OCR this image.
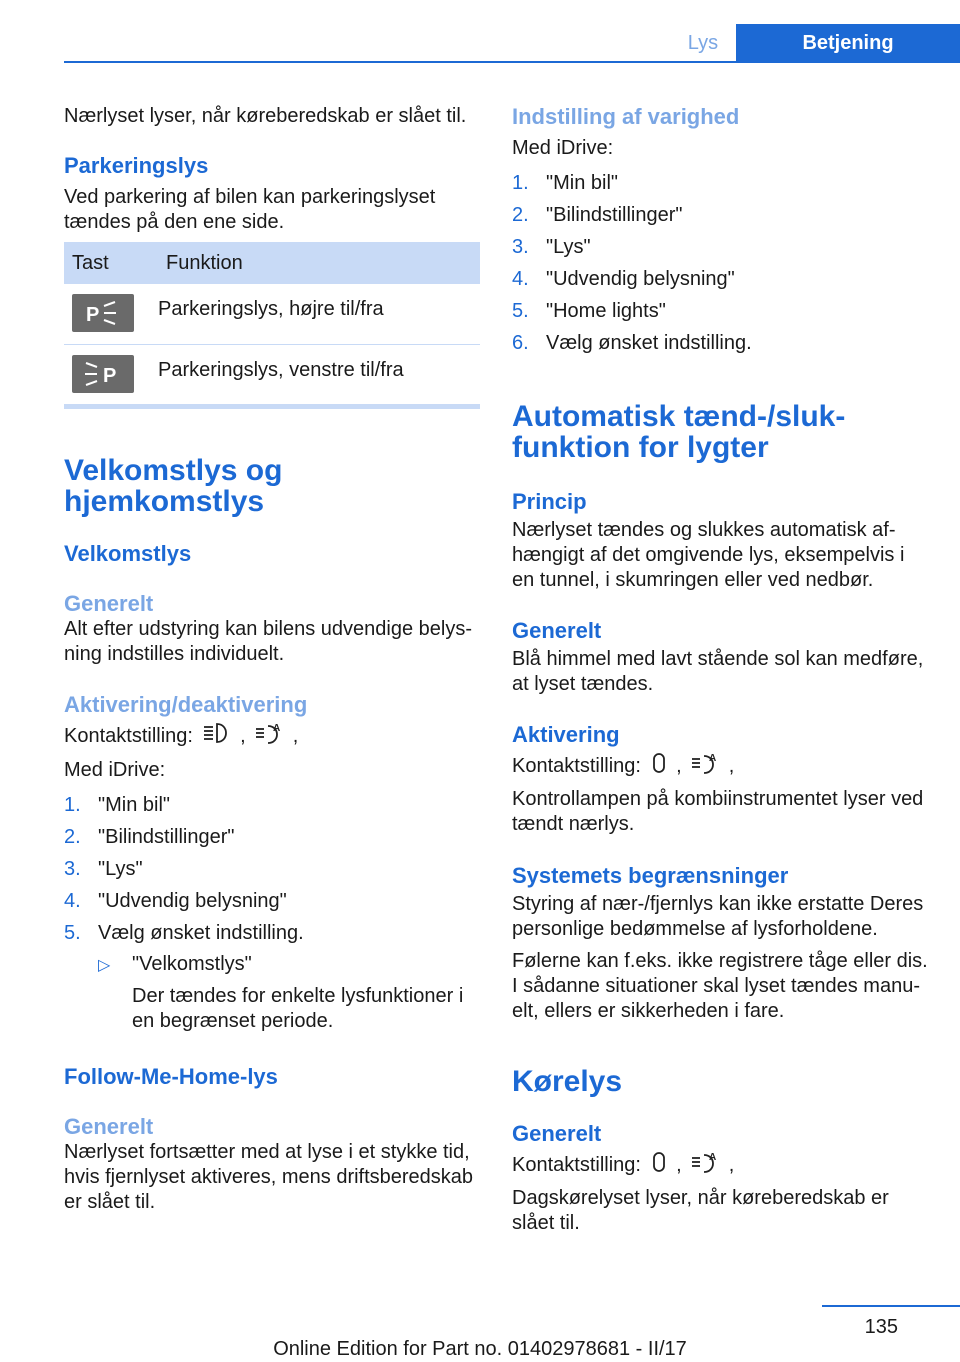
Lys	Betjening

Nærlyset lyser, når køreberedskab er slået til.

Parkeringslys

Ved parkering af bilen kan parkeringslyset tændes på den ene side.

Tast	Funktion

P	Parkeringslys, højre til/fra

P	Parkeringslys, venstre til/fra
Velkomstlys og hjemkomstlys
Velkomstlys
Generelt

Alt efter udstyring kan bilens udvendige belysning indstilles individuelt.

Aktivering/deaktivering

Kontaktstilling: ,	A ,

Med iDrive:

1. "Min bil"
2. "Bilindstillinger"
3. "Lys"
4. "Udvendig belysning"
5. Vælg ønsket indstilling.
▷ "Velkomstlys"
Der tændes for enkelte lysfunktioner i en begrænset periode.
Follow-Me-Home-lys
Generelt

Nærlyset fortsætter med at lyse i et stykke tid, hvis fjernlyset aktiveres, mens driftsberedskab er slået til.

Indstilling af varighed

Med iDrive:

1. "Min bil"
2. "Bilindstillinger"
3. "Lys"
4. "Udvendig belysning"
5. "Home lights"
6. Vælg ønsket indstilling.
Automatisk tænd-/slukfunktion for lygter
Princip

Nærlyset tændes og slukkes automatisk afhængigt af det omgivende lys, eksempelvis i en tunnel, i skumringen eller ved nedbør.

Generelt

Blå himmel med lavt stående sol kan medføre, at lyset tændes.

Aktivering

Kontaktstilling: ,	A ,

Kontrollampen på kombiinstrumentet lyser ved tændt nærlys.

Systemets begrænsninger

Styring af nær-/fjernlys kan ikke erstatte Deres personlige bedømmelse af lysforholdene.

Følerne kan f.eks. ikke registrere tåge eller dis. I sådanne situationer skal lyset tændes manuelt, ellers er sikkerheden i fare.

Kørelys
Generelt

Kontaktstilling: ,	A ,

Dagskørelyset lyser, når køreberedskab er slået til.

135
Online Edition for Part no. 01402978681 - II/17
